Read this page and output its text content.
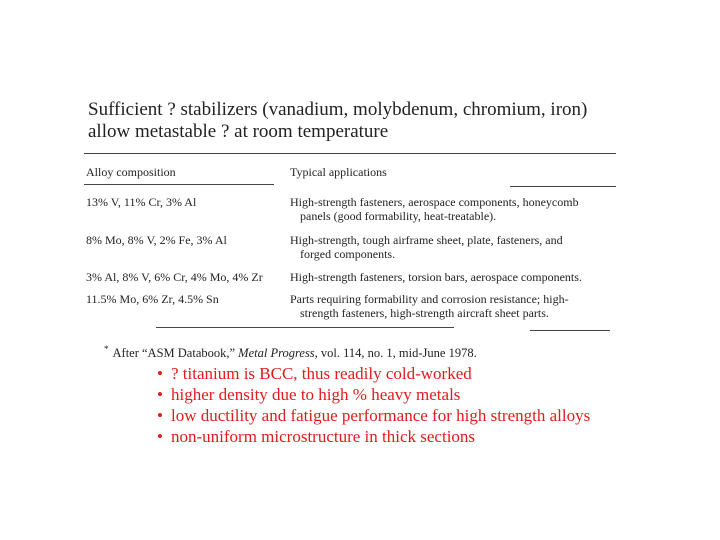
Sufficient ? stabilizers (vanadium, molybdenum, chromium, iron)
allow metastable ? at room temperature
Alloy composition	Typical applications
13% V, 11% Cr, 3% Al	High-strength fasteners, aerospace components, honeycomb
panels (good formability, heat-treatable).
8% Mo, 8% V, 2% Fe, 3% Al	High-strength, tough airframe sheet, plate, fasteners, and
forged components.
3% Al, 8% V, 6% Cr, 4% Mo, 4% Zr High-strength fasteners, torsion bars, aerospace components.
11.5% Mo, 6% Zr, 4.5% Sn	Parts requiring formability and corrosion resistance; high-
strength fasteners, high-strength aircraft sheet parts.
* After “ASM Databook,” Metal Progress, vol. 114, no. 1, mid-June 1978.
• ? titanium is BCC, thus readily cold-worked
• higher density due to high % heavy metals
• low ductility and fatigue performance for high strength alloys
• non-uniform microstructure in thick sections
